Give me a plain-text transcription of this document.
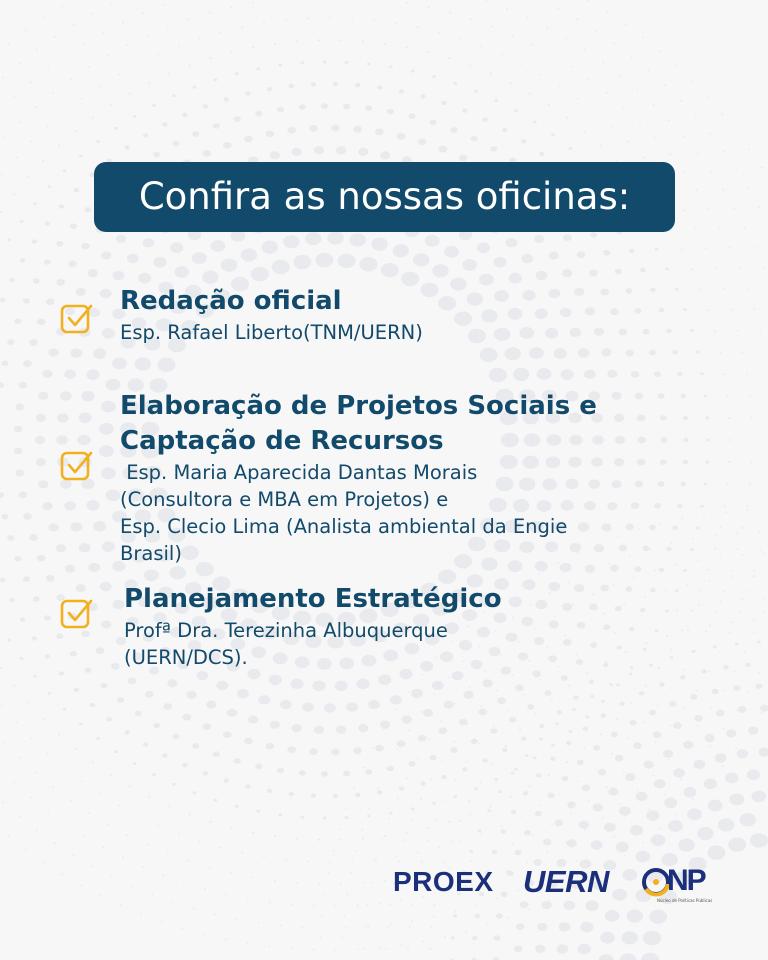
Confira as nossas oficinas:
Redação oficial
Esp. Rafael Liberto(TNM/UERN)
Elaboração de Projetos Sociais e
Captação de Recursos
Esp. Maria Aparecida Dantas Morais
(Consultora e MBA em Projetos) e
Esp. Clecio Lima (Analista ambiental da Engie
Brasil)
Planejamento Estratégico
Profª Dra. Terezinha Albuquerque
(UERN/DCS).
PROEX UERN NP
Núcleo de Políticas Públicas
